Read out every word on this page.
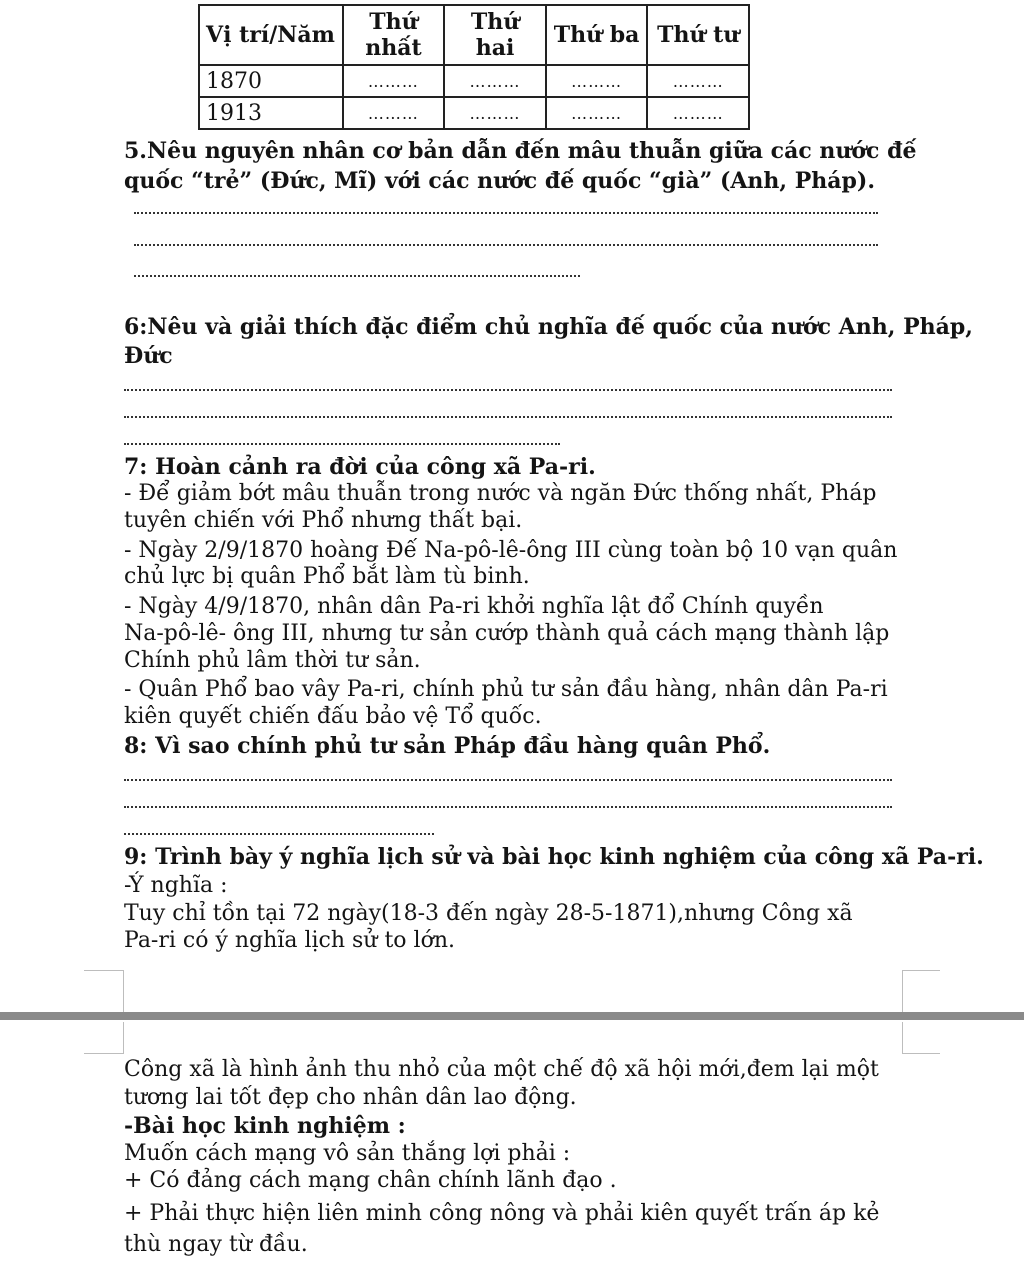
Vị trí/Năm	Thứ nhất	Thứ hai	Thứ ba	Thứ tư
1870	………	………	………	………
1913	………	………	………	………
5.Nêu nguyên nhân cơ bản dẫn đến mâu thuẫn giữa các nước đế
quốc “trẻ” (Đức, Mĩ) với các nước đế quốc “già” (Anh, Pháp).
6:Nêu và giải thích đặc điểm chủ nghĩa đế quốc của nước Anh, Pháp,
Đức
7: Hoàn cảnh ra đời của công xã Pa-ri.
- Để giảm bớt mâu thuẫn trong nước và ngăn Đức thống nhất, Pháp
tuyên chiến với Phổ nhưng thất bại.
- Ngày 2/9/1870 hoàng Đế Na-pô-lê-ông III cùng toàn bộ 10 vạn quân
chủ lực bị quân Phổ bắt làm tù binh.
- Ngày 4/9/1870, nhân dân Pa-ri khởi nghĩa lật đổ Chính quyền
Na-pô-lê- ông III, nhưng tư sản cướp thành quả cách mạng thành lập
Chính phủ lâm thời tư sản.
- Quân Phổ bao vây Pa-ri, chính phủ tư sản đầu hàng, nhân dân Pa-ri
kiên quyết chiến đấu bảo vệ Tổ quốc.
8: Vì sao chính phủ tư sản Pháp đầu hàng quân Phổ.
9: Trình bày ý nghĩa lịch sử và bài học kinh nghiệm của công xã Pa-ri.
-Ý nghĩa :
Tuy chỉ tồn tại 72 ngày(18-3 đến ngày 28-5-1871),nhưng Công xã
Pa-ri có ý nghĩa lịch sử to lớn.
Công xã là hình ảnh thu nhỏ của một chế độ xã hội mới,đem lại một
tương lai tốt đẹp cho nhân dân lao động.
-Bài học kinh nghiệm :
Muốn cách mạng vô sản thắng lợi phải :
+ Có đảng cách mạng chân chính lãnh đạo .
+ Phải thực hiện liên minh công nông và phải kiên quyết trấn áp kẻ
thù ngay từ đầu.
